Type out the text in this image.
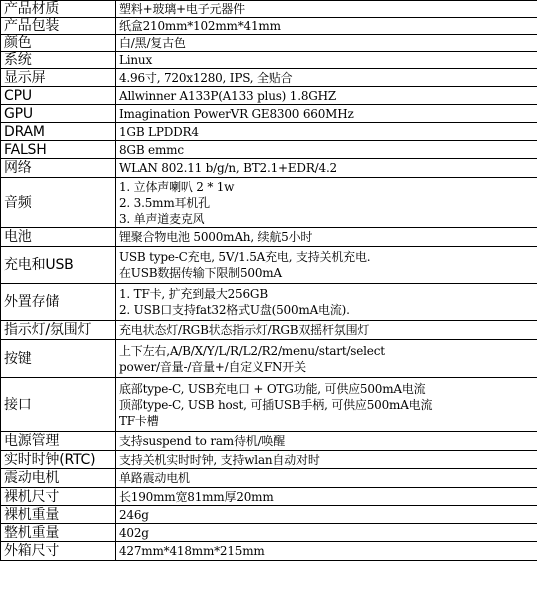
产品材质	塑料+玻璃+电子元器件

产品包装	纸盒210mm*102mm*41mm

颜色	白/黑/复古色

系统	Linux

显示屏	4.96寸, 720x1280, IPS, 全贴合

CPU	Allwinner A133P(A133 plus) 1.8GHZ

GPU	Imagination PowerVR GE8300 660MHz

DRAM	1GB LPDDR4

FALSH	8GB emmc

网络	WLAN 802.11 b/g/n, BT2.1+EDR/4.2

音频	1. 立体声喇叭 2 * 1w
2. 3.5mm耳机孔
3. 单声道麦克风

电池	锂聚合物电池 5000mAh, 续航5小时

充电和USB	USB type-C充电, 5V/1.5A充电, 支持关机充电.
在USB数据传输下限制500mA

外置存储	1. TF卡, 扩充到最大256GB
2. USB口支持fat32格式U盘(500mA电流).

指示灯/氛围灯	充电状态灯/RGB状态指示灯/RGB双摇杆氛围灯

按键	上下左右,A/B/X/Y/L/R/L2/R2/menu/start/select
power/音量-/音量+/自定义FN开关

接口	底部type-C, USB充电口 + OTG功能, 可供应500mA电流
顶部type-C, USB host, 可插USB手柄, 可供应500mA电流
TF卡槽

电源管理	支持suspend to ram待机/唤醒

实时时钟(RTC)	支持关机实时时钟, 支持wlan自动对时

震动电机	单路震动电机

裸机尺寸	长190mm宽81mm厚20mm

裸机重量	246g

整机重量	402g

外箱尺寸	427mm*418mm*215mm
